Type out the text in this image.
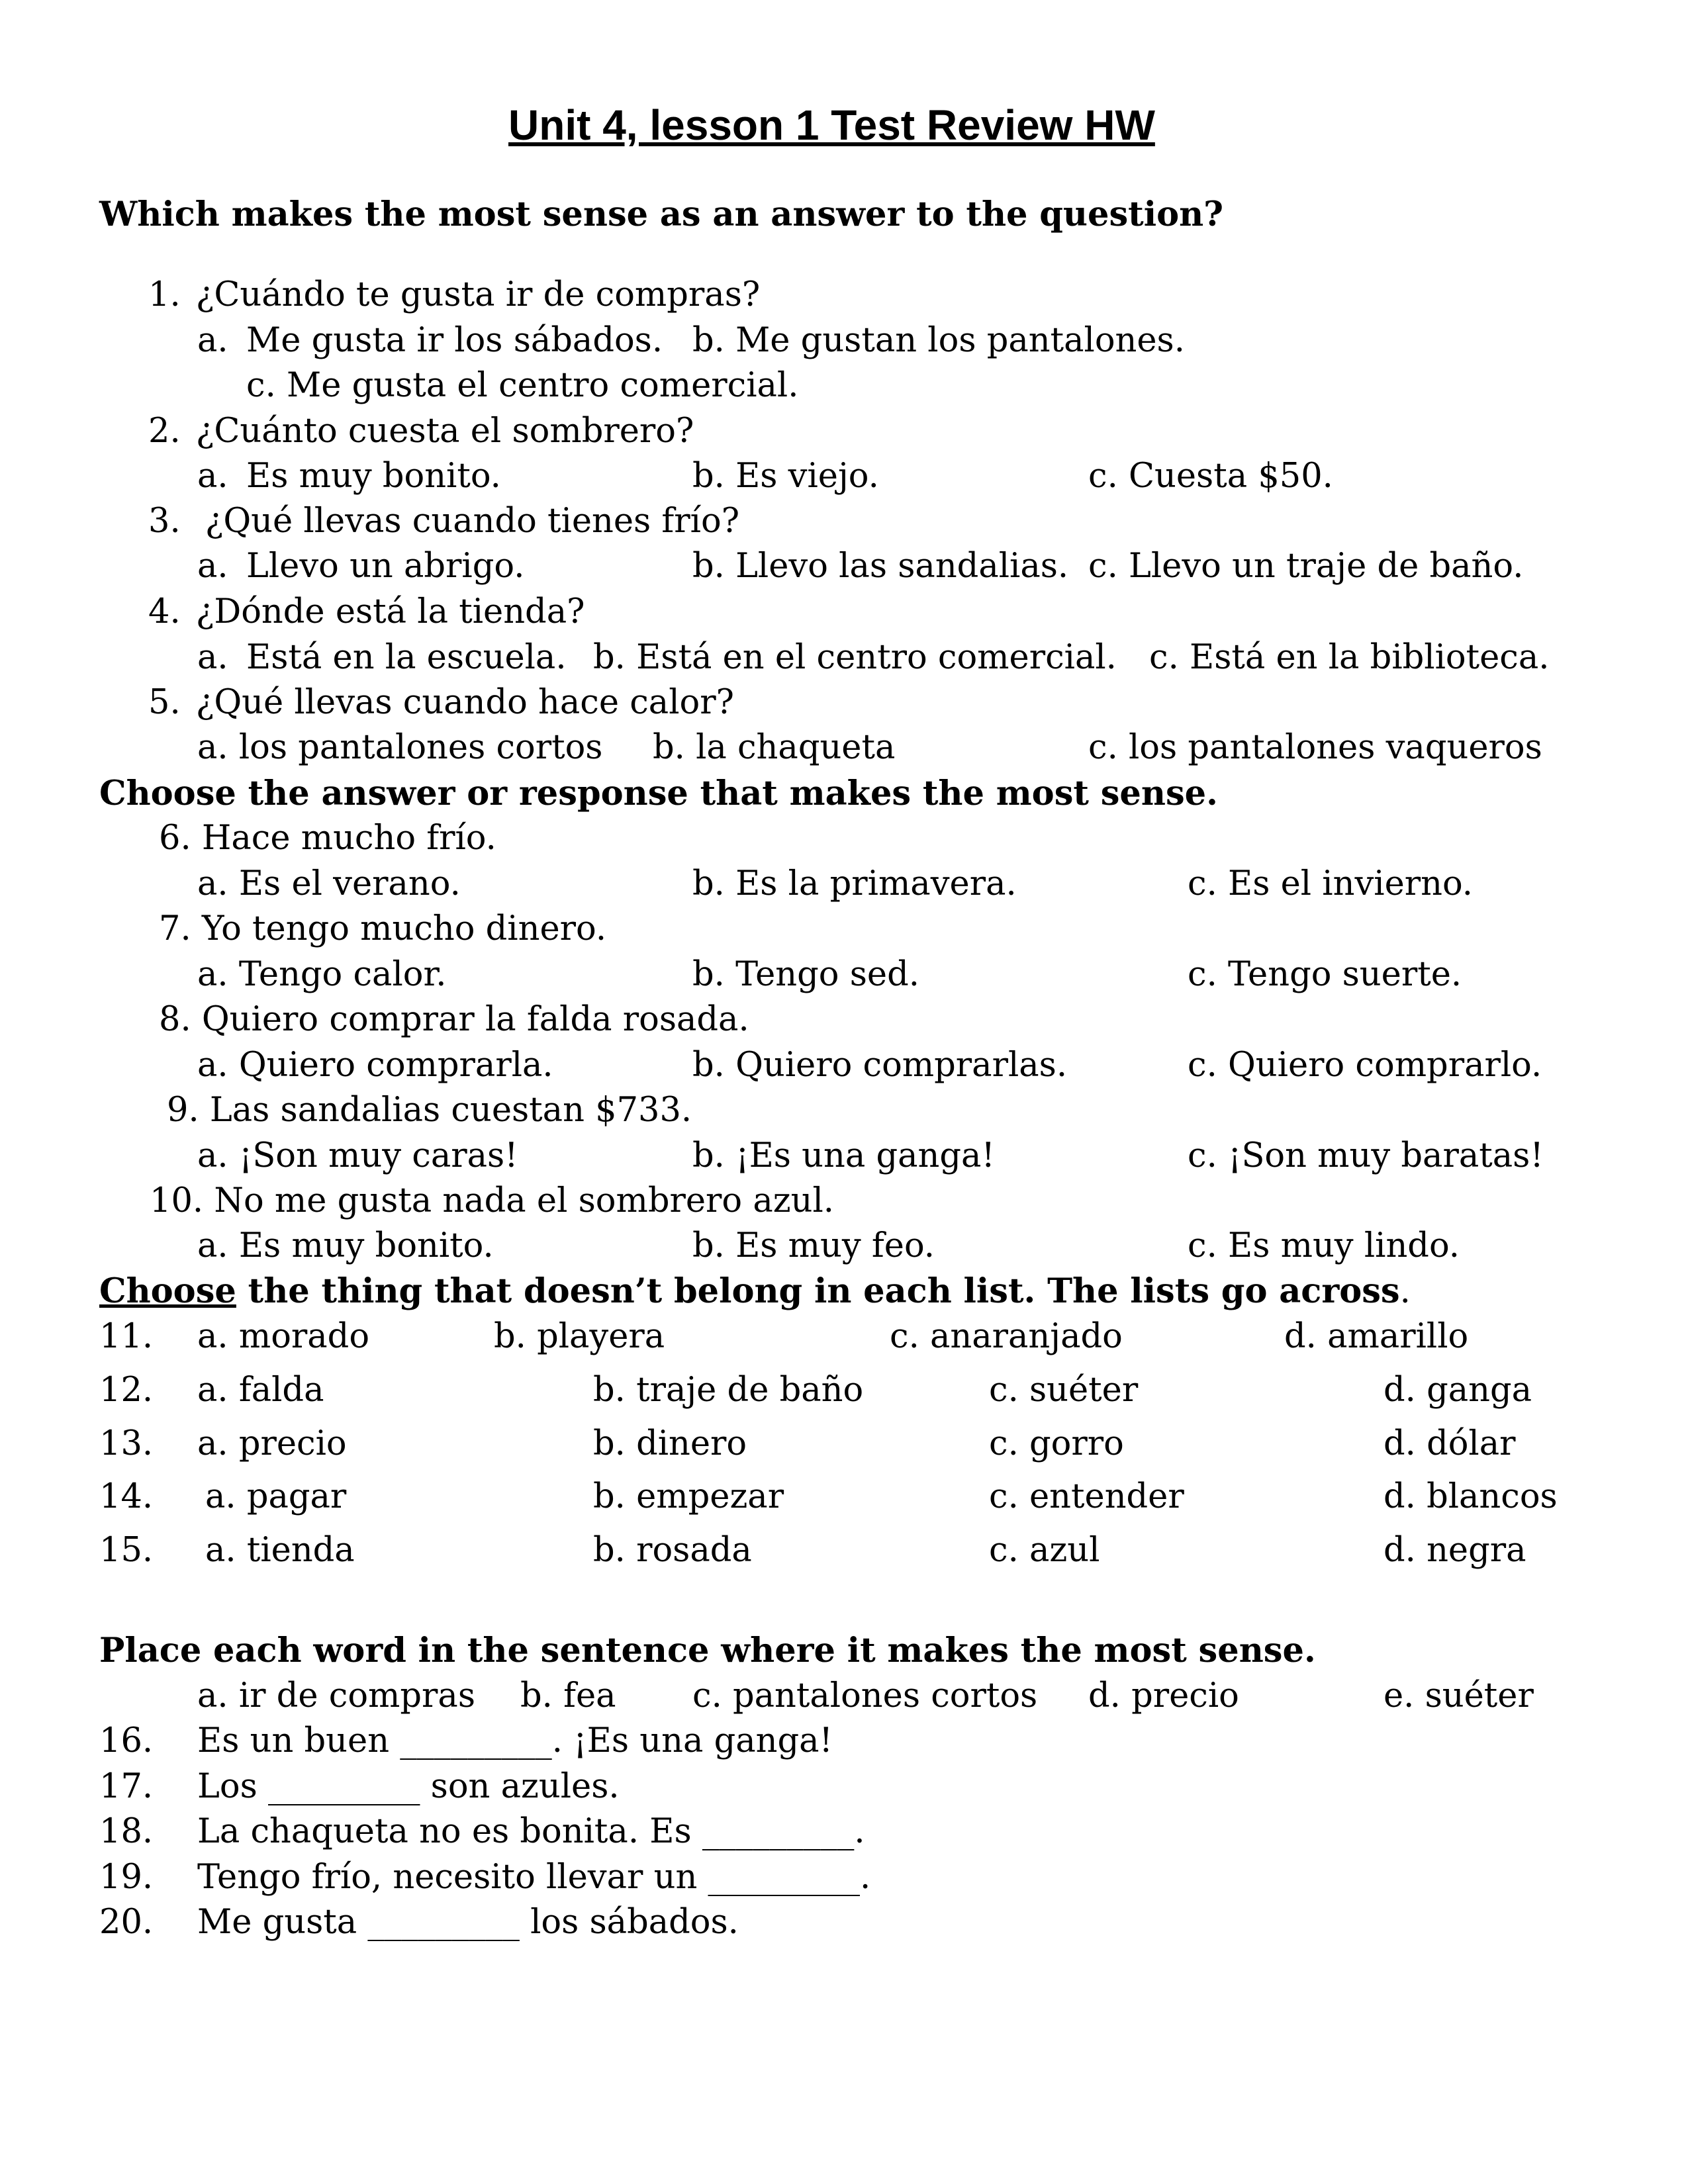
Unit 4, lesson 1 Test Review HW
Which makes the most sense as an answer to the question?
1. ¿Cuándo te gusta ir de compras?
a. Me gusta ir los sábados. b. Me gustan los pantalones.
c. Me gusta el centro comercial.
2. ¿Cuánto cuesta el sombrero?
a. Es muy bonito.	b. Es viejo.	c. Cuesta $50.
3. ¿Qué llevas cuando tienes frío?
a. Llevo un abrigo.	b. Llevo las sandalias. c. Llevo un traje de baño.
4. ¿Dónde está la tienda?
a. Está en la escuela. b. Está en el centro comercial. c. Está en la biblioteca.
5. ¿Qué llevas cuando hace calor?
a. los pantalones cortos b. la chaqueta	c. los pantalones vaqueros
Choose the answer or response that makes the most sense.
6. Hace mucho frío.
a. Es el verano.	b. Es la primavera.	c. Es el invierno.
7. Yo tengo mucho dinero.
a. Tengo calor.	b. Tengo sed.	c. Tengo suerte.
8. Quiero comprar la falda rosada.
a. Quiero comprarla.	b. Quiero comprarlas.	c. Quiero comprarlo.
9. Las sandalias cuestan $733.
a. ¡Son muy caras!	b. ¡Es una ganga!	c. ¡Son muy baratas!
10. No me gusta nada el sombrero azul.
a. Es muy bonito.	b. Es muy feo.	c. Es muy lindo.
Choose the thing that doesn’t belong in each list. The lists go across.
11. a. morado	b. playera	c. anaranjado	d. amarillo
12. a. falda	b. traje de baño	c. suéter	d. ganga
13. a. precio	b. dinero	c. gorro	d. dólar
14. a. pagar	b. empezar	c. entender	d. blancos
15. a. tienda	b. rosada	c. azul	d. negra
Place each word in the sentence where it makes the most sense.
a. ir de compras b. fea c. pantalones cortos d. precio	e. suéter
16. Es un buen _________. ¡Es una ganga!
17. Los _________ son azules.
18. La chaqueta no es bonita. Es _________.
19. Tengo frío, necesito llevar un _________.
20. Me gusta _________ los sábados.
